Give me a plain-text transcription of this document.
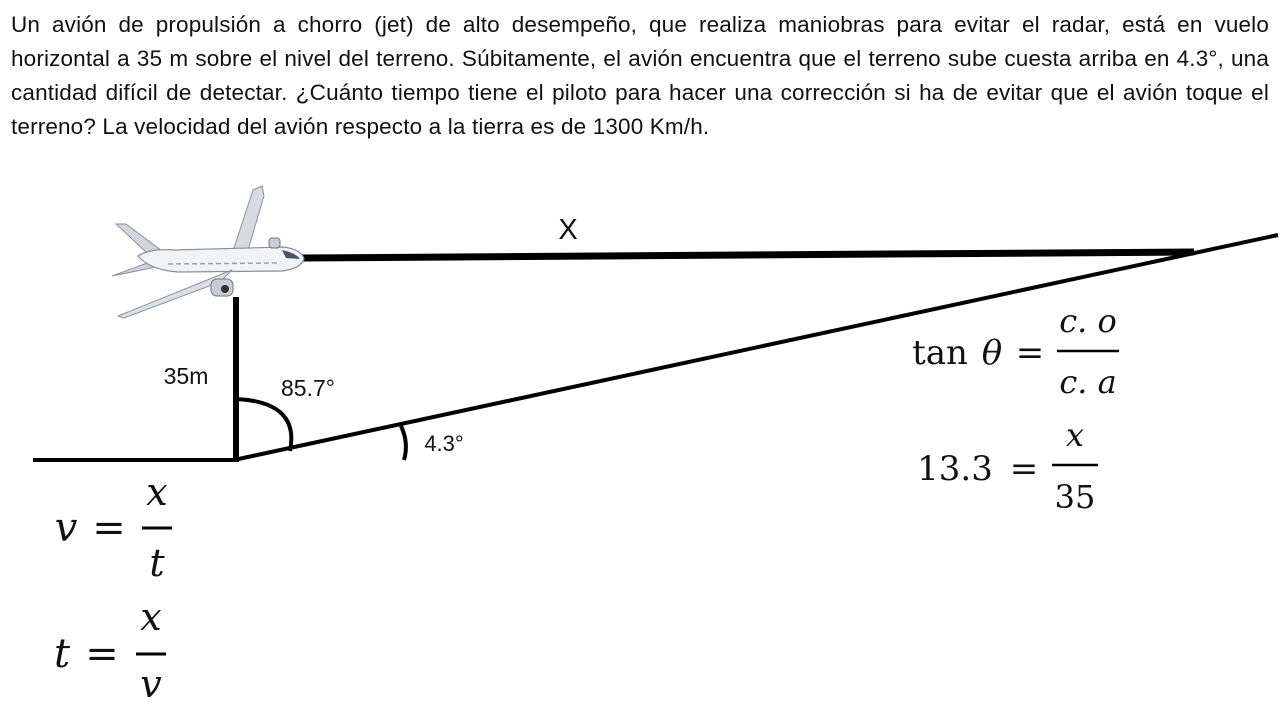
Un avión de propulsión a chorro (jet) de alto desempeño, que realiza maniobras para evitar el radar, está en vuelo horizontal a 35 m sobre el nivel del terreno. Súbitamente, el avión encuentra que el terreno sube cuesta arriba en 4.3°, una cantidad difícil de detectar. ¿Cuánto tiempo tiene el piloto para hacer una corrección si ha de evitar que el avión toque el terreno? La velocidad del avión respecto a la tierra es de 1300 Km/h.

X
35m	85.7°
4.3°
tan θ =
c. o
c. a
13.3 =
x
35
v =
x
t
t =
x
v
